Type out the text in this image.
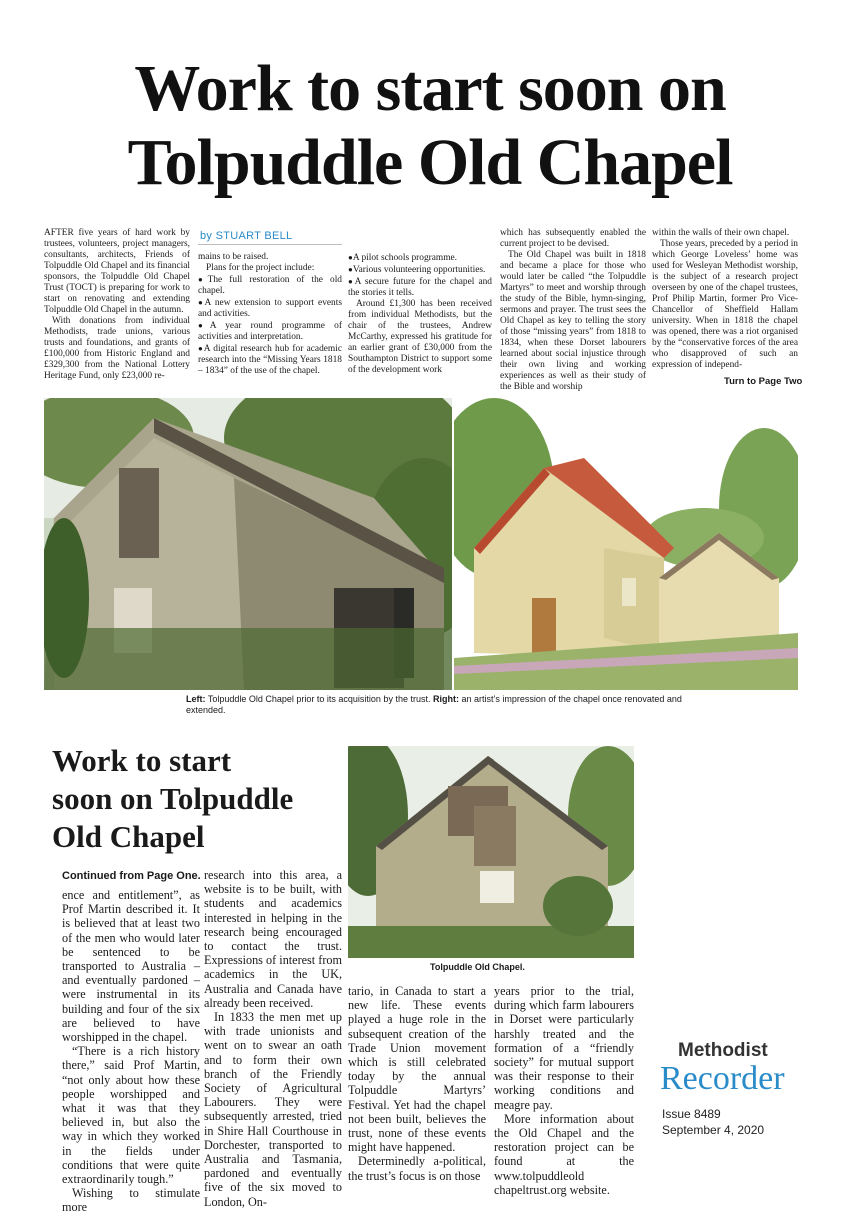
Work to start soon on
Tolpuddle Old Chapel

AFTER five years of hard work by trustees, volunteers, project managers, consultants, architects, Friends of Tolpuddle Old Chapel and its financial sponsors, the Tolpuddle Old Chapel Trust (TOCT) is preparing for work to start on renovating and extending Tolpuddle Old Chapel in the autumn.

With donations from individual Methodists, trade unions, various trusts and foundations, and grants of £100,000 from Historic England and £329,300 from the National Lottery Heritage Fund, only £23,000 re-

by STUART BELL

mains to be raised.

Plans for the project include:

● The full restoration of the old chapel.

● A new extension to support events and activities.

● A year round programme of activities and interpretation.

● A digital research hub for academic research into the “Missing Years 1818 – 1834” of the use of the chapel.

● A pilot schools programme.

● Various volunteering opportunities.

● A secure future for the chapel and the stories it tells.

Around £1,300 has been received from individual Methodists, but the chair of the trustees, Andrew McCarthy, expressed his gratitude for an earlier grant of £30,000 from the Southampton District to support some of the development work

which has subsequently enabled the current project to be devised.

The Old Chapel was built in 1818 and became a place for those who would later be called “the Tolpuddle Martyrs” to meet and worship through the study of the Bible, hymn-singing, sermons and prayer. The trust sees the Old Chapel as key to telling the story of those “missing years” from 1818 to 1834, when these Dorset labourers learned about social injustice through their own living and working experiences as well as their study of the Bible and worship

within the walls of their own chapel.

Those years, preceded by a period in which George Loveless’ home was used for Wesleyan Methodist worship, is the subject of a research project overseen by one of the chapel trustees, Prof Philip Martin, former Pro Vice-Chancellor of Sheffield Hallam university. When in 1818 the chapel was opened, there was a riot organised by the “conservative forces of the area who disapproved of such an expression of independ-

Turn to Page Two
Left: Tolpuddle Old Chapel prior to its acquisition by the trust. Right: an artist’s impression of the chapel once renovated and extended.
Work to start
soon on Tolpuddle
Old Chapel
Continued from Page One.

ence and entitlement”, as Prof Martin described it. It is believed that at least two of the men who would later be sentenced to be transported to Australia – and eventually pardoned – were instrumental in its building and four of the six are believed to have worshipped in the chapel.

“There is a rich history there,” said Prof Martin, “not only about how these people worshipped and what it was that they believed in, but also the way in which they worked in the fields under conditions that were quite extraordinarily tough.”

Wishing to stimulate more

research into this area, a website is to be built, with students and academics interested in helping in the research being encouraged to contact the trust. Expressions of interest from academics in the UK, Australia and Canada have already been received.

In 1833 the men met up with trade unionists and went on to swear an oath and to form their own branch of the Friendly Society of Agricultural Labourers. They were subsequently arrested, tried in Shire Hall Courthouse in Dorchester, transported to Australia and Tasmania, pardoned and eventually five of the six moved to London, On-

Tolpuddle Old Chapel.

tario, in Canada to start a new life. These events played a huge role in the subsequent creation of the Trade Union movement which is still celebrated today by the annual Tolpuddle Martyrs’ Festival. Yet had the chapel not been built, believes the trust, none of these events might have happened.

Determinedly a-political, the trust’s focus is on those

years prior to the trial, during which farm labourers in Dorset were particularly harshly treated and the formation of a “friendly society” for mutual support was their response to their working conditions and meagre pay.

More information about the Old Chapel and the restoration project can be found at the www.tolpuddleold chapeltrust.org website.

Methodist
Recorder
Issue 8489
September 4, 2020
